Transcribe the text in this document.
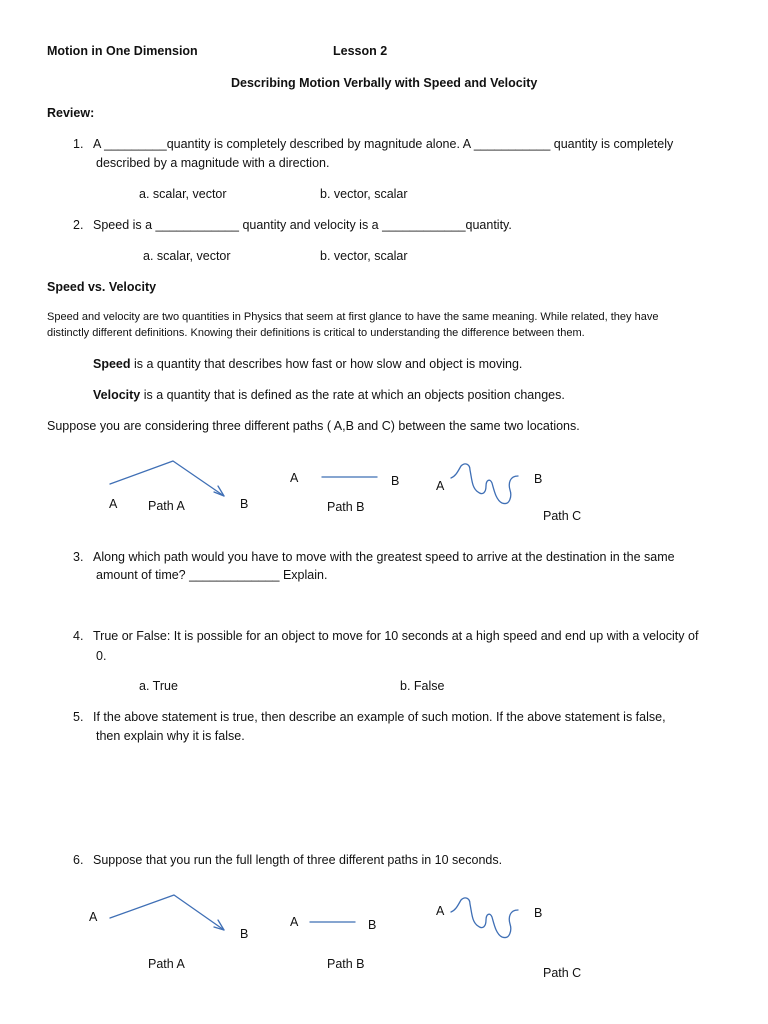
Motion in One Dimension	Lesson 2
Describing Motion Verbally with Speed and Velocity
Review:
1. A _________quantity is completely described by magnitude alone. A ___________ quantity is completely
described by a magnitude with a direction.
a. scalar, vector	b. vector, scalar
2. Speed is a ____________ quantity and velocity is a ____________quantity.
a. scalar, vector	b. vector, scalar
Speed vs. Velocity
Speed and velocity are two quantities in Physics that seem at first glance to have the same meaning. While related, they have
distinctly different definitions. Knowing their definitions is critical to understanding the difference between them.
Speed is a quantity that describes how fast or how slow and object is moving.
Velocity is a quantity that is defined as the rate at which an objects position changes.
Suppose you are considering three different paths ( A,B and C) between the same two locations.
A Path A	B
A	B
Path B
A	B
Path C
3. Along which path would you have to move with the greatest speed to arrive at the destination in the same
amount of time? _____________ Explain.
4. True or False: It is possible for an object to move for 10 seconds at a high speed and end up with a velocity of
0.
a. True	b. False
5. If the above statement is true, then describe an example of such motion. If the above statement is false,
then explain why it is false.
6. Suppose that you run the full length of three different paths in 10 seconds.
A
B
Path A
A	B
Path B
A	B
Path C
